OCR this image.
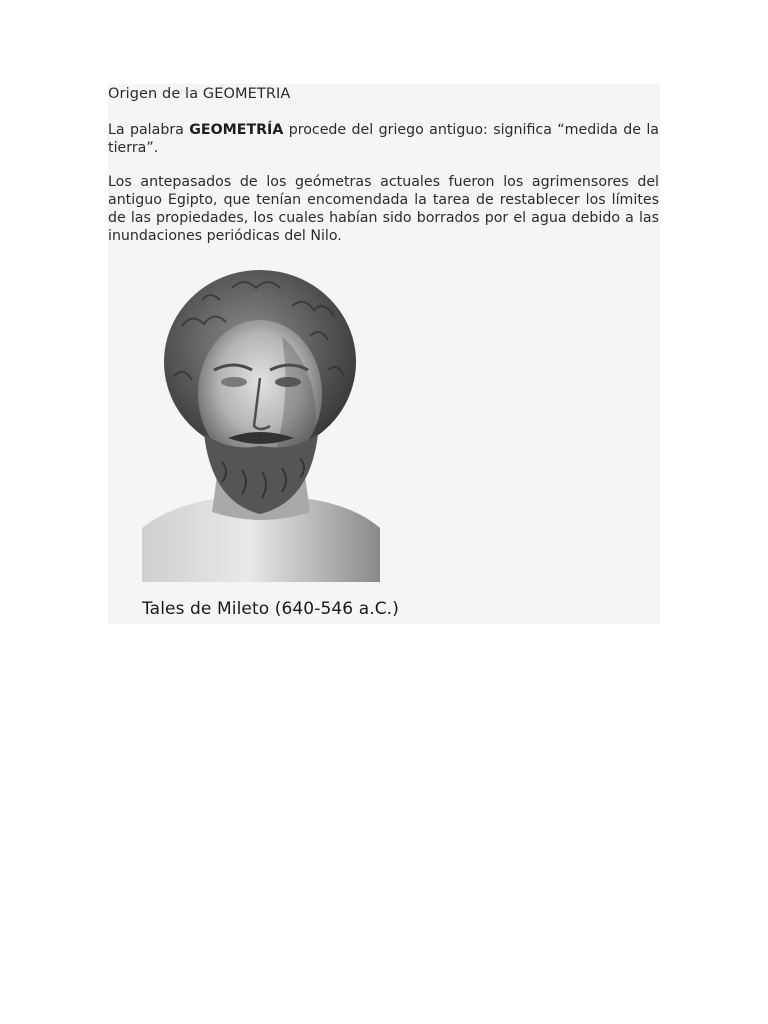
Origen de la GEOMETRIA

La palabra GEOMETRÍA procede del griego antiguo: significa “medida de la tierra”.

Los antepasados de los geómetras actuales fueron los agrimensores del antiguo Egipto, que tenían encomendada la tarea de restablecer los límites de las propiedades, los cuales habían sido borrados por el agua debido a las inundaciones periódicas del Nilo.

Tales de Mileto (640-546 a.C.)
